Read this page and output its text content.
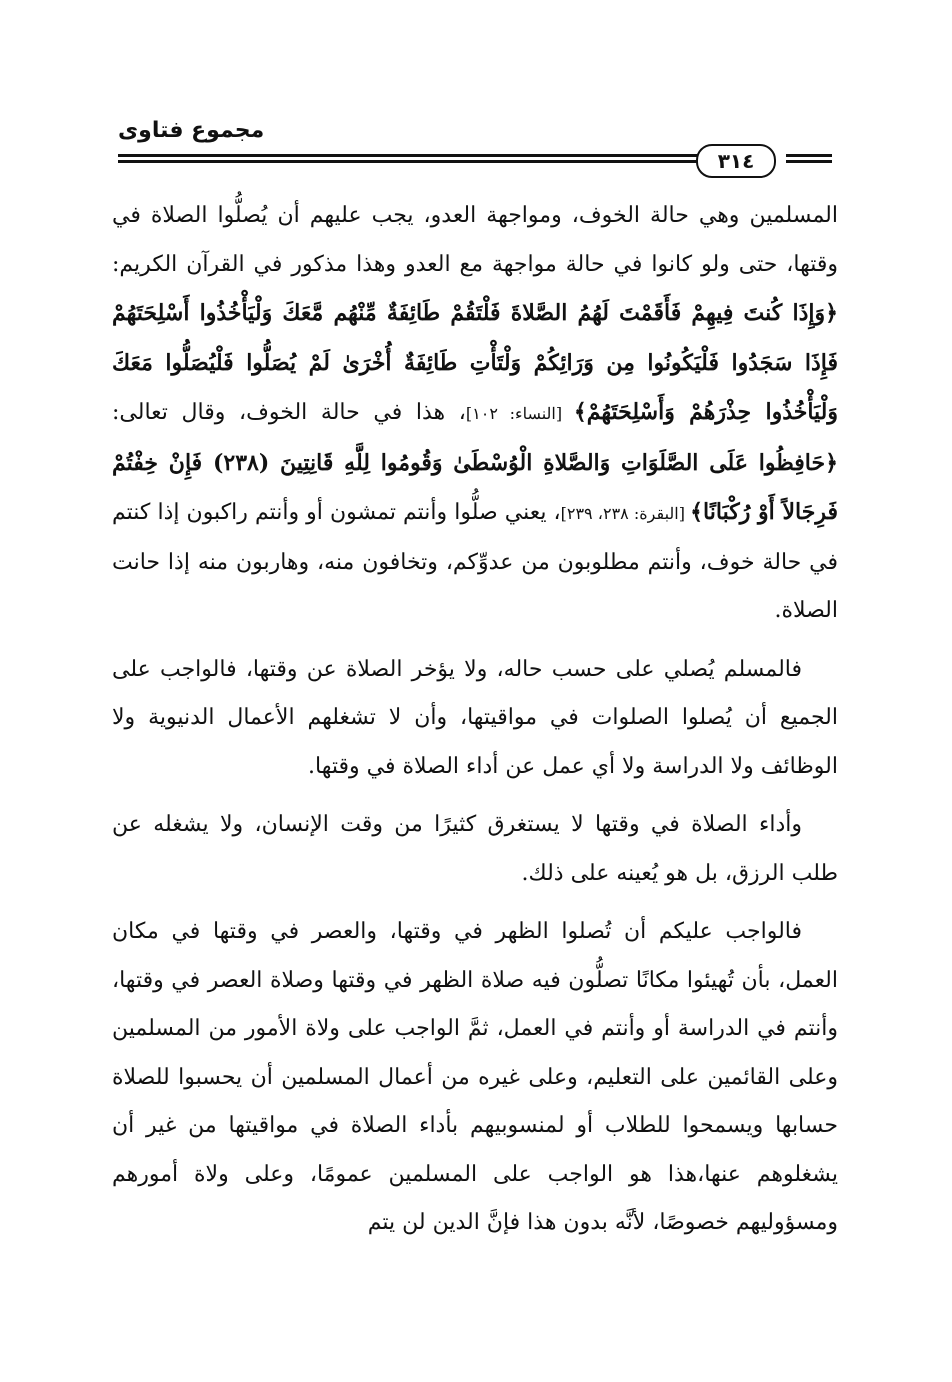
مجموع فتاوى
٣١٤

المسلمين وهي حالة الخوف، ومواجهة العدو، يجب عليهم أن يُصلُّوا الصلاة في وقتها، حتى ولو كانوا في حالة مواجهة مع العدو وهذا مذكور في القرآن الكريم: ﴿وَإِذَا كُنتَ فِيهِمْ فَأَقَمْتَ لَهُمُ الصَّلاةَ فَلْتَقُمْ طَائِفَةٌ مِّنْهُم مَّعَكَ وَلْيَأْخُذُوا أَسْلِحَتَهُمْ فَإِذَا سَجَدُوا فَلْيَكُونُوا مِن وَرَائِكُمْ وَلْتَأْتِ طَائِفَةٌ أُخْرَىٰ لَمْ يُصَلُّوا فَلْيُصَلُّوا مَعَكَ وَلْيَأْخُذُوا حِذْرَهُمْ وَأَسْلِحَتَهُمْ﴾ [النساء: ١٠٢]، هذا في حالة الخوف، وقال تعالى: ﴿حَافِظُوا عَلَى الصَّلَوَاتِ وَالصَّلاةِ الْوُسْطَىٰ وَقُومُوا لِلَّهِ قَانِتِينَ (٢٣٨) فَإِنْ خِفْتُمْ فَرِجَالاً أَوْ رُكْبَانًا﴾ [البقرة: ٢٣٨، ٢٣٩]، يعني صلُّوا وأنتم تمشون أو وأنتم راكبون إذا كنتم في حالة خوف، وأنتم مطلوبون من عدوِّكم، وتخافون منه، وهاربون منه إذا حانت الصلاة.

فالمسلم يُصلي على حسب حاله، ولا يؤخر الصلاة عن وقتها، فالواجب على الجميع أن يُصلوا الصلوات في مواقيتها، وأن لا تشغلهم الأعمال الدنيوية ولا الوظائف ولا الدراسة ولا أي عمل عن أداء الصلاة في وقتها.

وأداء الصلاة في وقتها لا يستغرق كثيرًا من وقت الإنسان، ولا يشغله عن طلب الرزق، بل هو يُعينه على ذلك.

فالواجب عليكم أن تُصلوا الظهر في وقتها، والعصر في وقتها في مكان العمل، بأن تُهيئوا مكانًا تصلُّون فيه صلاة الظهر في وقتها وصلاة العصر في وقتها، وأنتم في الدراسة أو وأنتم في العمل، ثمَّ الواجب على ولاة الأمور من المسلمين وعلى القائمين على التعليم، وعلى غيره من أعمال المسلمين أن يحسبوا للصلاة حسابها ويسمحوا للطلاب أو لمنسوبيهم بأداء الصلاة في مواقيتها من غير أن يشغلوهم عنها،هذا هو الواجب على المسلمين عمومًا، وعلى ولاة أمورهم ومسؤوليهم خصوصًا، لأنَّه بدون هذا فإنَّ الدين لن يتم
